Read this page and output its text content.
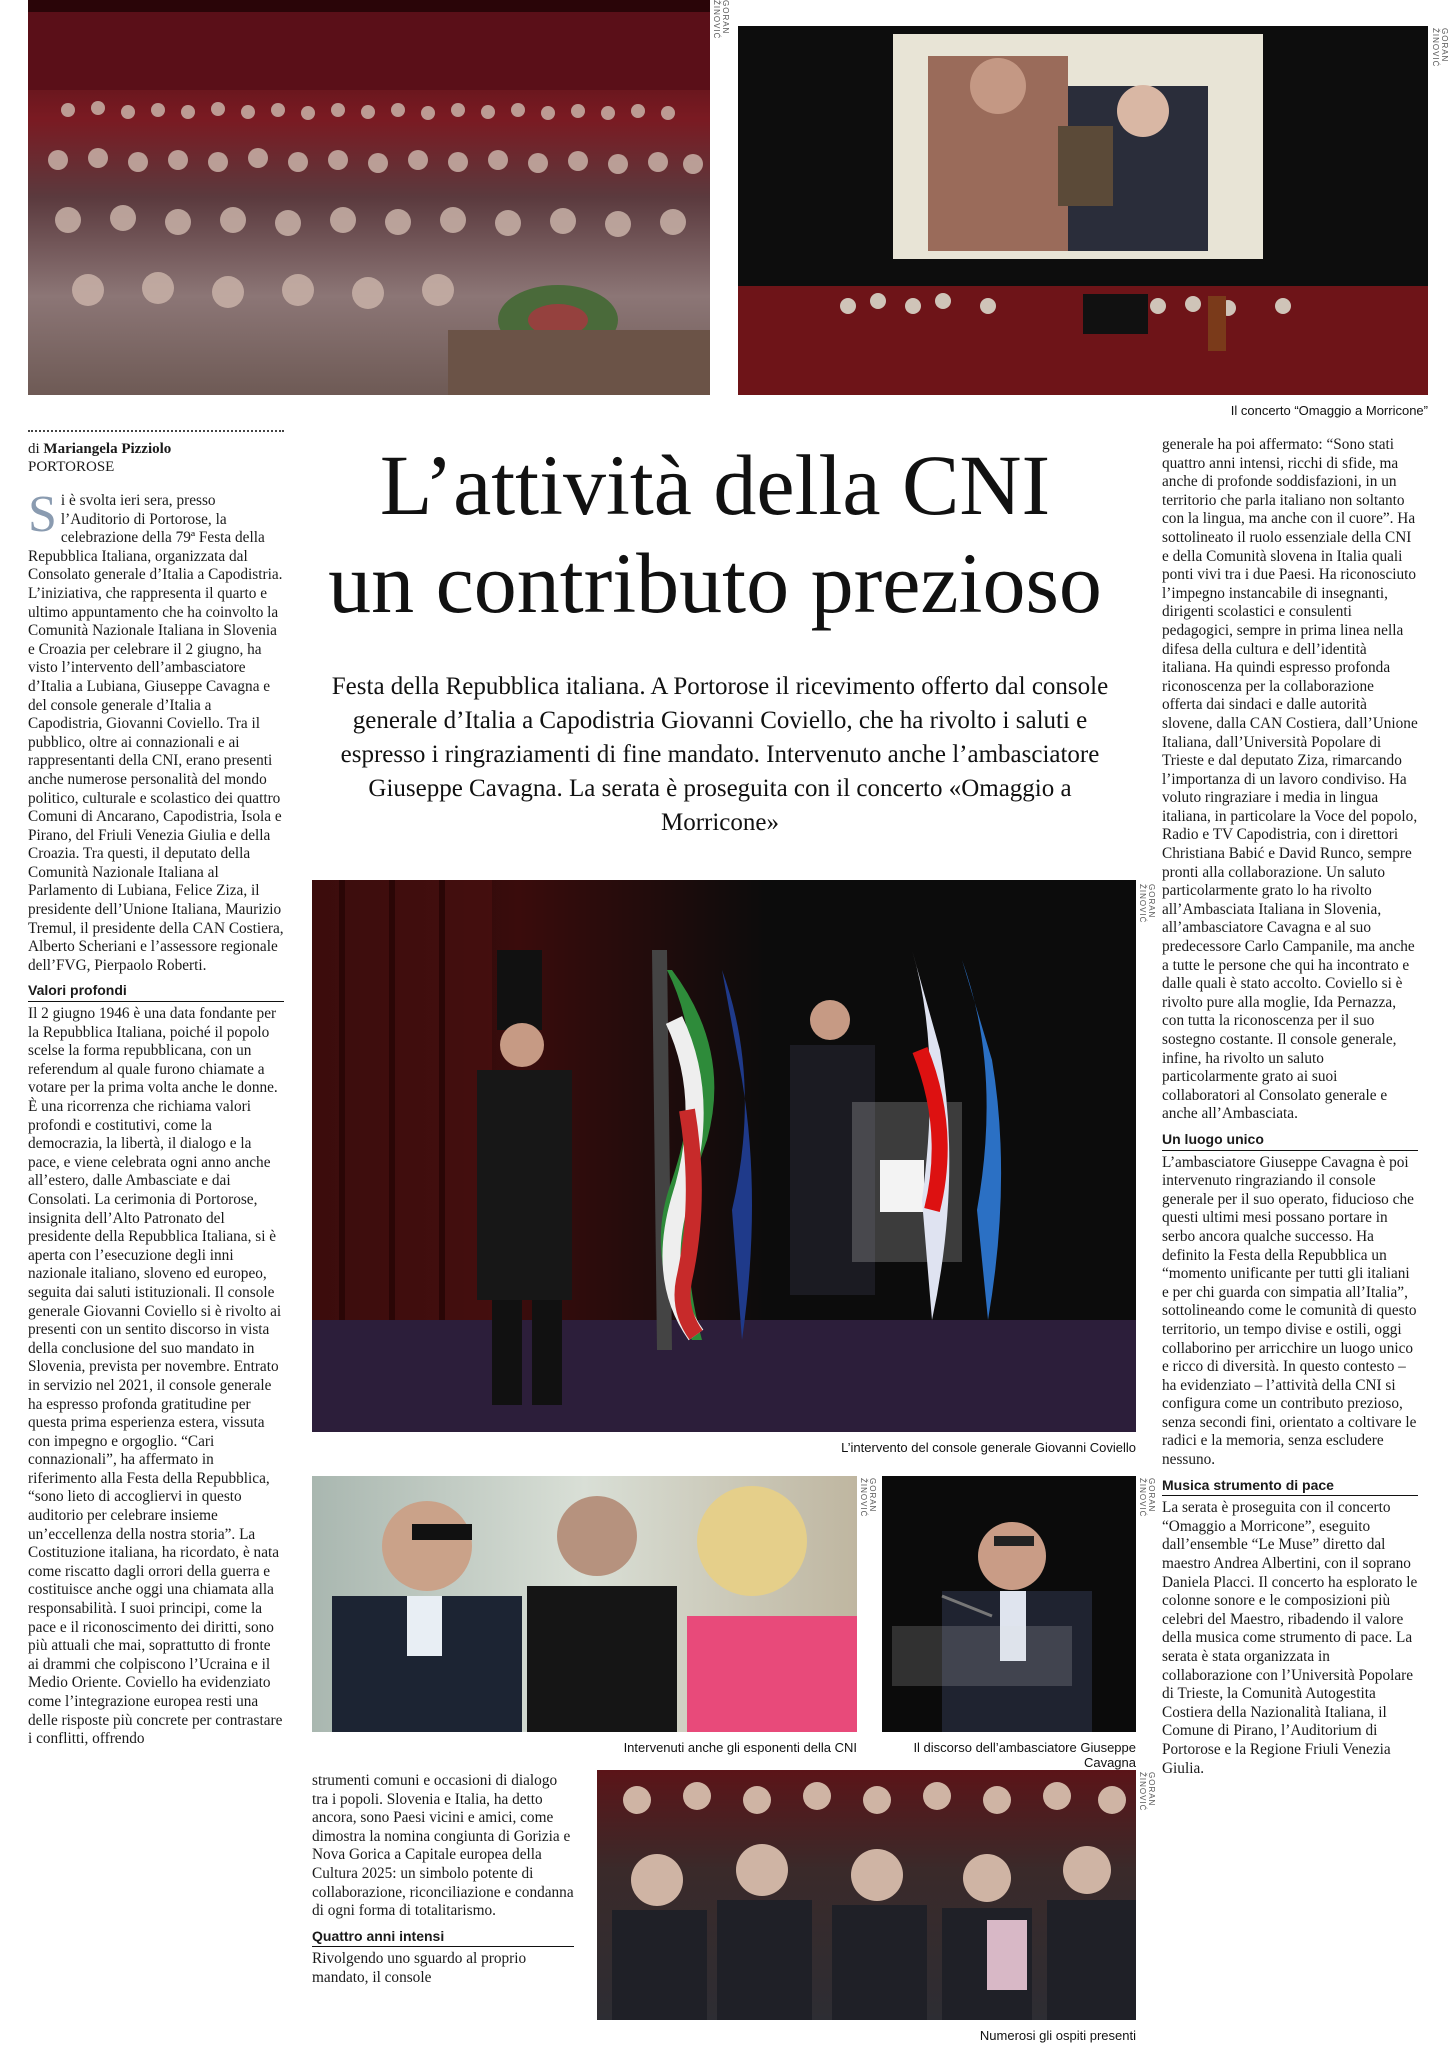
GORAN ŽINOVIĆ
GORAN ŽINOVIĆ
Il concerto “Omaggio a Morricone”
di Mariangela Pizziolo
PORTOROSE	L’attività della CNI
un contributo prezioso
Festa della Repubblica italiana. A Portorose il ricevimento offerto dal console generale d’Italia a Capodistria Giovanni Coviello, che ha rivolto i saluti e espresso i ringraziamenti di fine mandato. Intervenuto anche l’ambasciatore Giuseppe Cavagna. La serata è proseguita con il concerto «Omaggio a Morricone»

Si è svolta ieri sera, presso l’Auditorio di Portorose, la celebrazione della 79ª Festa della Repubblica Italiana, organizzata dal Consolato generale d’Italia a Capodistria. L’iniziativa, che rappresenta il quarto e ultimo appuntamento che ha coinvolto la Comunità Nazionale Italiana in Slovenia e Croazia per celebrare il 2 giugno, ha visto l’intervento dell’ambasciatore d’Italia a Lubiana, Giuseppe Cavagna e del console generale d’Italia a Capodistria, Giovanni Coviello. Tra il pubblico, oltre ai connazionali e ai rappresentanti della CNI, erano presenti anche numerose personalità del mondo politico, culturale e scolastico dei quattro Comuni di Ancarano, Capodistria, Isola e Pirano, del Friuli Venezia Giulia e della Croazia. Tra questi, il deputato della Comunità Nazionale Italiana al Parlamento di Lubiana, Felice Ziza, il presidente dell’Unione Italiana, Maurizio Tremul, il presidente della CAN Costiera, Alberto Scheriani e l’assessore regionale dell’FVG, Pierpaolo Roberti.

Valori profondi

Il 2 giugno 1946 è una data fondante per la Repubblica Italiana, poiché il popolo scelse la forma repubblicana, con un referendum al quale furono chiamate a votare per la prima volta anche le donne. È una ricorrenza che richiama valori profondi e costitutivi, come la democrazia, la libertà, il dialogo e la pace, e viene celebrata ogni anno anche all’estero, dalle Ambasciate e dai Consolati. La cerimonia di Portorose, insignita dell’Alto Patronato del presidente della Repubblica Italiana, si è aperta con l’esecuzione degli inni nazionale italiano, sloveno ed europeo, seguita dai saluti istituzionali. Il console generale Giovanni Coviello si è rivolto ai presenti con un sentito discorso in vista della conclusione del suo mandato in Slovenia, prevista per novembre. Entrato in servizio nel 2021, il console generale ha espresso profonda gratitudine per questa prima esperienza estera, vissuta con impegno e orgoglio. “Cari connazionali”, ha affermato in riferimento alla Festa della Repubblica, “sono lieto di accogliervi in questo auditorio per celebrare insieme un’eccellenza della nostra storia”. La Costituzione italiana, ha ricordato, è nata come riscatto dagli orrori della guerra e costituisce anche oggi una chiamata alla responsabilità. I suoi principi, come la pace e il riconoscimento dei diritti, sono più attuali che mai, soprattutto di fronte ai drammi che colpiscono l’Ucraina e il Medio Oriente. Coviello ha evidenziato come l’integrazione europea resti una delle risposte più concrete per contrastare i conflitti, offrendo

GORAN ŽINOVIĆ
L’intervento del console generale Giovanni Coviello
GORAN ŽINOVIĆ
Intervenuti anche gli esponenti della CNI
GORAN ŽINOVIĆ
Il discorso dell’ambasciatore Giuseppe Cavagna
GORAN ŽINOVIĆ
Numerosi gli ospiti presenti

strumenti comuni e occasioni di dialogo tra i popoli. Slovenia e Italia, ha detto ancora, sono Paesi vicini e amici, come dimostra la nomina congiunta di Gorizia e Nova Gorica a Capitale europea della Cultura 2025: un simbolo potente di collaborazione, riconciliazione e condanna di ogni forma di totalitarismo.

Quattro anni intensi

Rivolgendo uno sguardo al proprio mandato, il console

generale ha poi affermato: “Sono stati quattro anni intensi, ricchi di sfide, ma anche di profonde soddisfazioni, in un territorio che parla italiano non soltanto con la lingua, ma anche con il cuore”. Ha sottolineato il ruolo essenziale della CNI e della Comunità slovena in Italia quali ponti vivi tra i due Paesi. Ha riconosciuto l’impegno instancabile di insegnanti, dirigenti scolastici e consulenti pedagogici, sempre in prima linea nella difesa della cultura e dell’identità italiana. Ha quindi espresso profonda riconoscenza per la collaborazione offerta dai sindaci e dalle autorità slovene, dalla CAN Costiera, dall’Unione Italiana, dall’Università Popolare di Trieste e dal deputato Ziza, rimarcando l’importanza di un lavoro condiviso. Ha voluto ringraziare i media in lingua italiana, in particolare la Voce del popolo, Radio e TV Capodistria, con i direttori Christiana Babić e David Runco, sempre pronti alla collaborazione. Un saluto particolarmente grato lo ha rivolto all’Ambasciata Italiana in Slovenia, all’ambasciatore Cavagna e al suo predecessore Carlo Campanile, ma anche a tutte le persone che qui ha incontrato e dalle quali è stato accolto. Coviello si è rivolto pure alla moglie, Ida Pernazza, con tutta la riconoscenza per il suo sostegno costante. Il console generale, infine, ha rivolto un saluto particolarmente grato ai suoi collaboratori al Consolato generale e anche all’Ambasciata.

Un luogo unico

L’ambasciatore Giuseppe Cavagna è poi intervenuto ringraziando il console generale per il suo operato, fiducioso che questi ultimi mesi possano portare in serbo ancora qualche successo. Ha definito la Festa della Repubblica un “momento unificante per tutti gli italiani e per chi guarda con simpatia all’Italia”, sottolineando come le comunità di questo territorio, un tempo divise e ostili, oggi collaborino per arricchire un luogo unico e ricco di diversità. In questo contesto – ha evidenziato – l’attività della CNI si configura come un contributo prezioso, senza secondi fini, orientato a coltivare le radici e la memoria, senza escludere nessuno.

Musica strumento di pace

La serata è proseguita con il concerto “Omaggio a Morricone”, eseguito dall’ensemble “Le Muse” diretto dal maestro Andrea Albertini, con il soprano Daniela Placci. Il concerto ha esplorato le colonne sonore e le composizioni più celebri del Maestro, ribadendo il valore della musica come strumento di pace. La serata è stata organizzata in collaborazione con l’Università Popolare di Trieste, la Comunità Autogestita Costiera della Nazionalità Italiana, il Comune di Pirano, l’Auditorium di Portorose e la Regione Friuli Venezia Giulia.
